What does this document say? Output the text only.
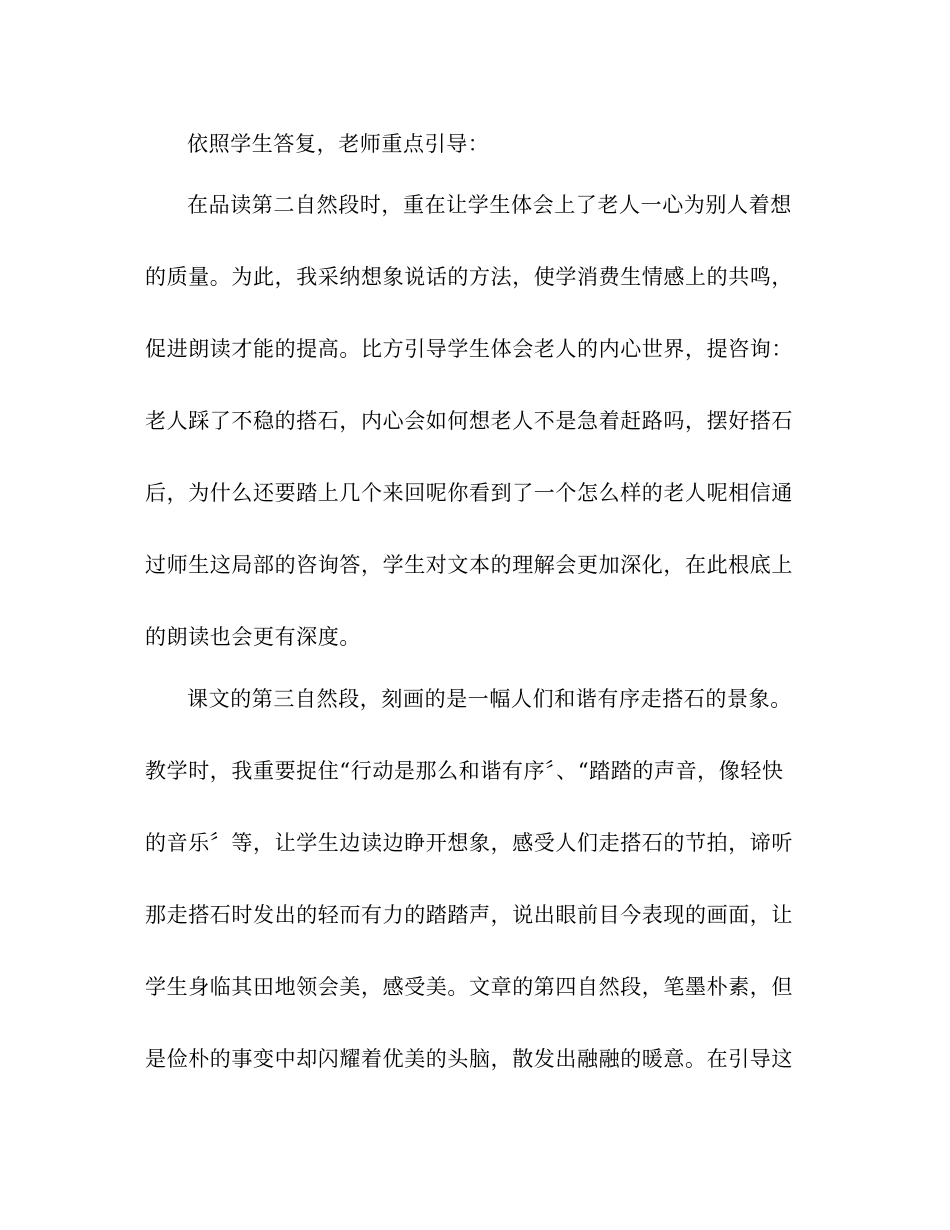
依照学生答复，老师重点引导：
在品读第二自然段时，重在让学生体会上了老人一心为别人着想
的质量。为此，我采纳想象说话的方法，使学消费生情感上的共鸣，
促进朗读才能的提高。比方引导学生体会老人的内心世界，提咨询：
老人踩了不稳的搭石，内心会如何想老人不是急着赶路吗，摆好搭石
后，为什么还要踏上几个来回呢你看到了一个怎么样的老人呢相信通
过师生这局部的咨询答，学生对文本的理解会更加深化，在此根底上
的朗读也会更有深度。
课文的第三自然段，刻画的是一幅人们和谐有序走搭石的景象。
教学时，我重要捉住“行动是那么和谐有序〞、“踏踏的声音，像轻快
的音乐〞等，让学生边读边睁开想象，感受人们走搭石的节拍，谛听
那走搭石时发出的轻而有力的踏踏声，说出眼前目今表现的画面，让
学生身临其田地领会美，感受美。文章的第四自然段，笔墨朴素，但
是俭朴的事变中却闪耀着优美的头脑，散发出融融的暖意。在引导这
